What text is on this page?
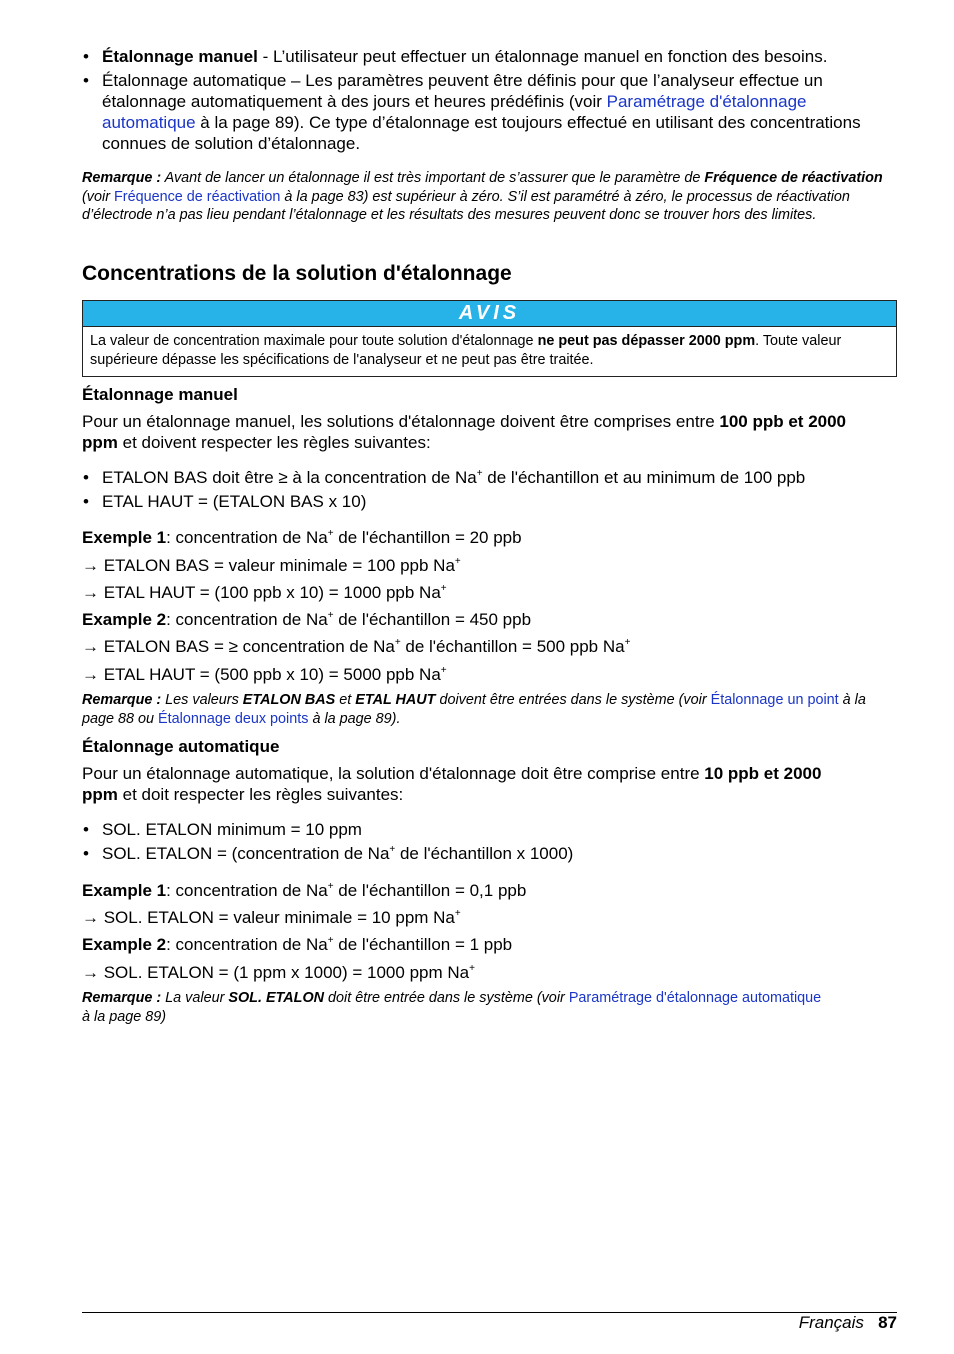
• Étalonnage manuel - L’utilisateur peut effectuer un étalonnage manuel en fonction des besoins.
• Étalonnage automatique – Les paramètres peuvent être définis pour que l’analyseur effectue un étalonnage automatiquement à des jours et heures prédéfinis (voir Paramétrage d'étalonnage automatique à la page 89). Ce type d’étalonnage est toujours effectué en utilisant des concentrations connues de solution d’étalonnage.
Remarque : Avant de lancer un étalonnage il est très important de s’assurer que le paramètre de Fréquence de réactivation (voir Fréquence de réactivation à la page 83) est supérieur à zéro. S’il est paramétré à zéro, le processus de réactivation d’électrode n’a pas lieu pendant l’étalonnage et les résultats des mesures peuvent donc se trouver hors des limites.
Concentrations de la solution d'étalonnage
AVIS
La valeur de concentration maximale pour toute solution d'étalonnage ne peut pas dépasser 2000 ppm. Toute valeur supérieure dépasse les spécifications de l'analyseur et ne peut pas être traitée.
Étalonnage manuel

Pour un étalonnage manuel, les solutions d'étalonnage doivent être comprises entre 100 ppb et 2000 ppm et doivent respecter les règles suivantes:

• ETALON BAS doit être ≥ à la concentration de Na+ de l'échantillon et au minimum de 100 ppb
• ETAL HAUT = (ETALON BAS x 10)

Exemple 1: concentration de Na+ de l'échantillon = 20 ppb

→ ETALON BAS = valeur minimale = 100 ppb Na+

→ ETAL HAUT = (100 ppb x 10) = 1000 ppb Na+

Example 2: concentration de Na+ de l'échantillon = 450 ppb

→ ETALON BAS = ≥ concentration de Na+ de l'échantillon = 500 ppb Na+

→ ETAL HAUT = (500 ppb x 10) = 5000 ppb Na+

Remarque : Les valeurs ETALON BAS et ETAL HAUT doivent être entrées dans le système (voir Étalonnage un point à la page 88 ou Étalonnage deux points à la page 89).
Étalonnage automatique

Pour un étalonnage automatique, la solution d'étalonnage doit être comprise entre 10 ppb et 2000 ppm et doit respecter les règles suivantes:

• SOL. ETALON minimum = 10 ppm
• SOL. ETALON = (concentration de Na+ de l'échantillon x 1000)

Example 1: concentration de Na+ de l'échantillon = 0,1 ppb

→ SOL. ETALON = valeur minimale = 10 ppm Na+

Example 2: concentration de Na+ de l'échantillon = 1 ppb

→ SOL. ETALON = (1 ppm x 1000) = 1000 ppm Na+

Remarque : La valeur SOL. ETALON doit être entrée dans le système (voir Paramétrage d'étalonnage automatique à la page 89)
Français 87
